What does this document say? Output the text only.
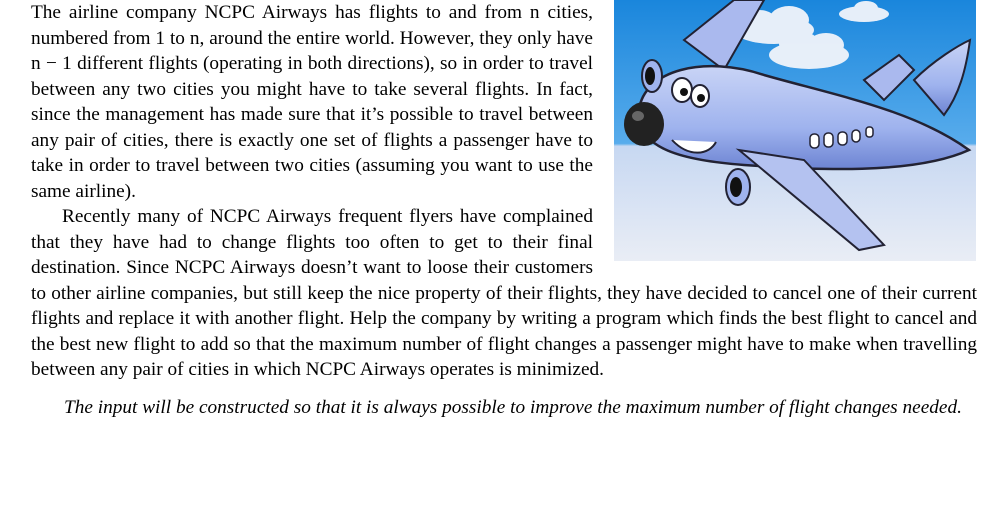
The airline company NCPC Airways has flights to and from n cities, numbered from 1 to n, around the entire world. However, they only have n − 1 different flights (operating in both directions), so in order to travel between any two cities you might have to take several flights. In fact, since the management has made sure that it’s possible to travel between any pair of cities, there is exactly one set of flights a passenger have to take in order to travel between two cities (assuming you want to use the same airline).

Recently many of NCPC Airways frequent flyers have complained that they have had to change flights too often to get to their final destination. Since NCPC Airways doesn’t want to loose their customers to other airline companies, but still keep the nice property of their flights, they have decided to cancel one of their current flights and replace it with another flight. Help the company by writing a program which finds the best flight to cancel and the best new flight to add so that the maximum number of flight changes a passenger might have to make when travelling between any pair of cities in which NCPC Airways operates is minimized.

The input will be constructed so that it is always possible to improve the maximum number of flight changes needed.
